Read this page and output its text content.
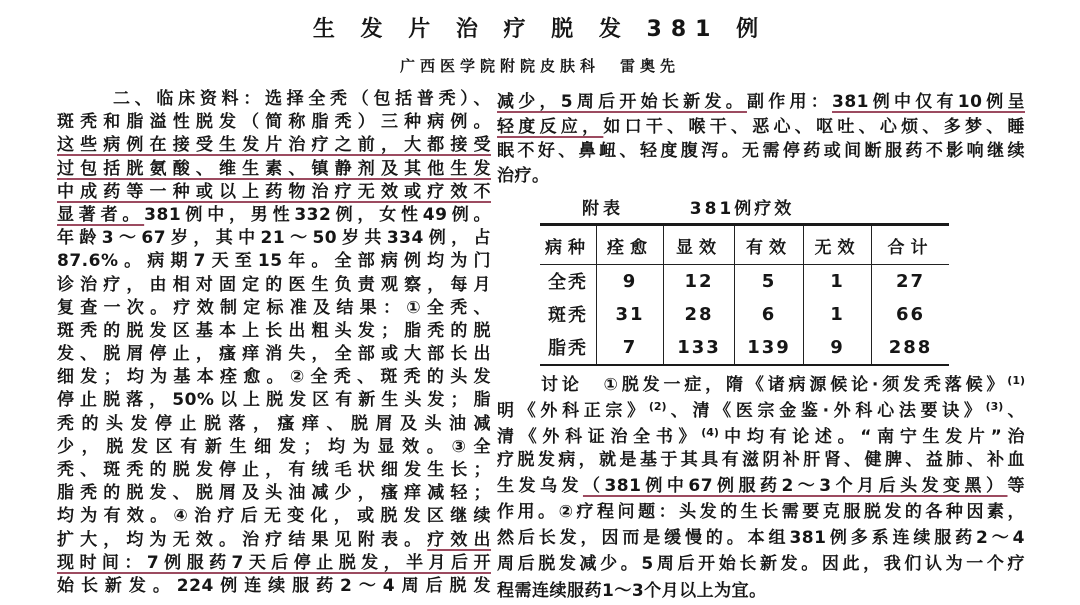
生 发 片 治 疗 脱 发 381 例
广西医学院附院皮肤科　雷奥先
二、临床资料：选择全秃（包括普秃）、
斑秃和脂溢性脱发（简称脂秃）三种病例。
这些病例在接受生发片治疗之前，大都接受
过包括胱氨酸、维生素、镇静剂及其他生发
中成药等一种或以上药物治疗无效或疗效不
显著者。381例中，男性332例，女性49例。
年龄3～67岁，其中21～50岁共334例，占
87.6%。病期7天至15年。全部病例均为门
诊治疗，由相对固定的医生负责观察，每月
复查一次。疗效制定标准及结果：①全秃、
斑秃的脱发区基本上长出粗头发；脂秃的脱
发、脱屑停止，瘙痒消失，全部或大部长出
细发；均为基本痊愈。②全秃、斑秃的头发
停止脱落，50%以上脱发区有新生头发；脂
秃的头发停止脱落，瘙痒、脱屑及头油减
少，脱发区有新生细发；均为显效。③全
秃、斑秃的脱发停止，有绒毛状细发生长；
脂秃的脱发、脱屑及头油减少，瘙痒减轻；
均为有效。④治疗后无变化，或脱发区继续
扩大，均为无效。治疗结果见附表。疗效出
现时间：7例服药7天后停止脱发，半月后开
始长新发。224例连续服药2～4周后脱发
减少，5周后开始长新发。副作用：381例中仅有10例呈
轻度反应，如口干、喉干、恶心、呕吐、心烦、多梦、睡
眠不好、鼻衄、轻度腹泻。无需停药或间断服药不影响继续
治疗。
附表	381例疗效
病种	痊愈	显效	有效	无效	合计
全秃	9	12	5	1	27
斑秃	31	28	6	1	66
脂秃	7	133	139	9	288
讨论　①脱发一症，隋《诸病源候论·须发秃落候》$^{(1)}$
明《外科正宗》$^{(2)}$、清《医宗金鉴·外科心法要诀》$^{(3)}$、
清《外科证治全书》$^{(4)}$中均有论述。“南宁生发片”治
疗脱发病，就是基于其具有滋阴补肝肾、健脾、益肺、补血
生发乌发（381例中67例服药2～3个月后头发变黑）等
作用。②疗程问题：头发的生长需要克服脱发的各种因素，
然后长发，因而是缓慢的。本组381例多系连续服药2～4
周后脱发减少。5周后开始长新发。因此，我们认为一个疗
程需连续服药1～3个月以上为宜。
